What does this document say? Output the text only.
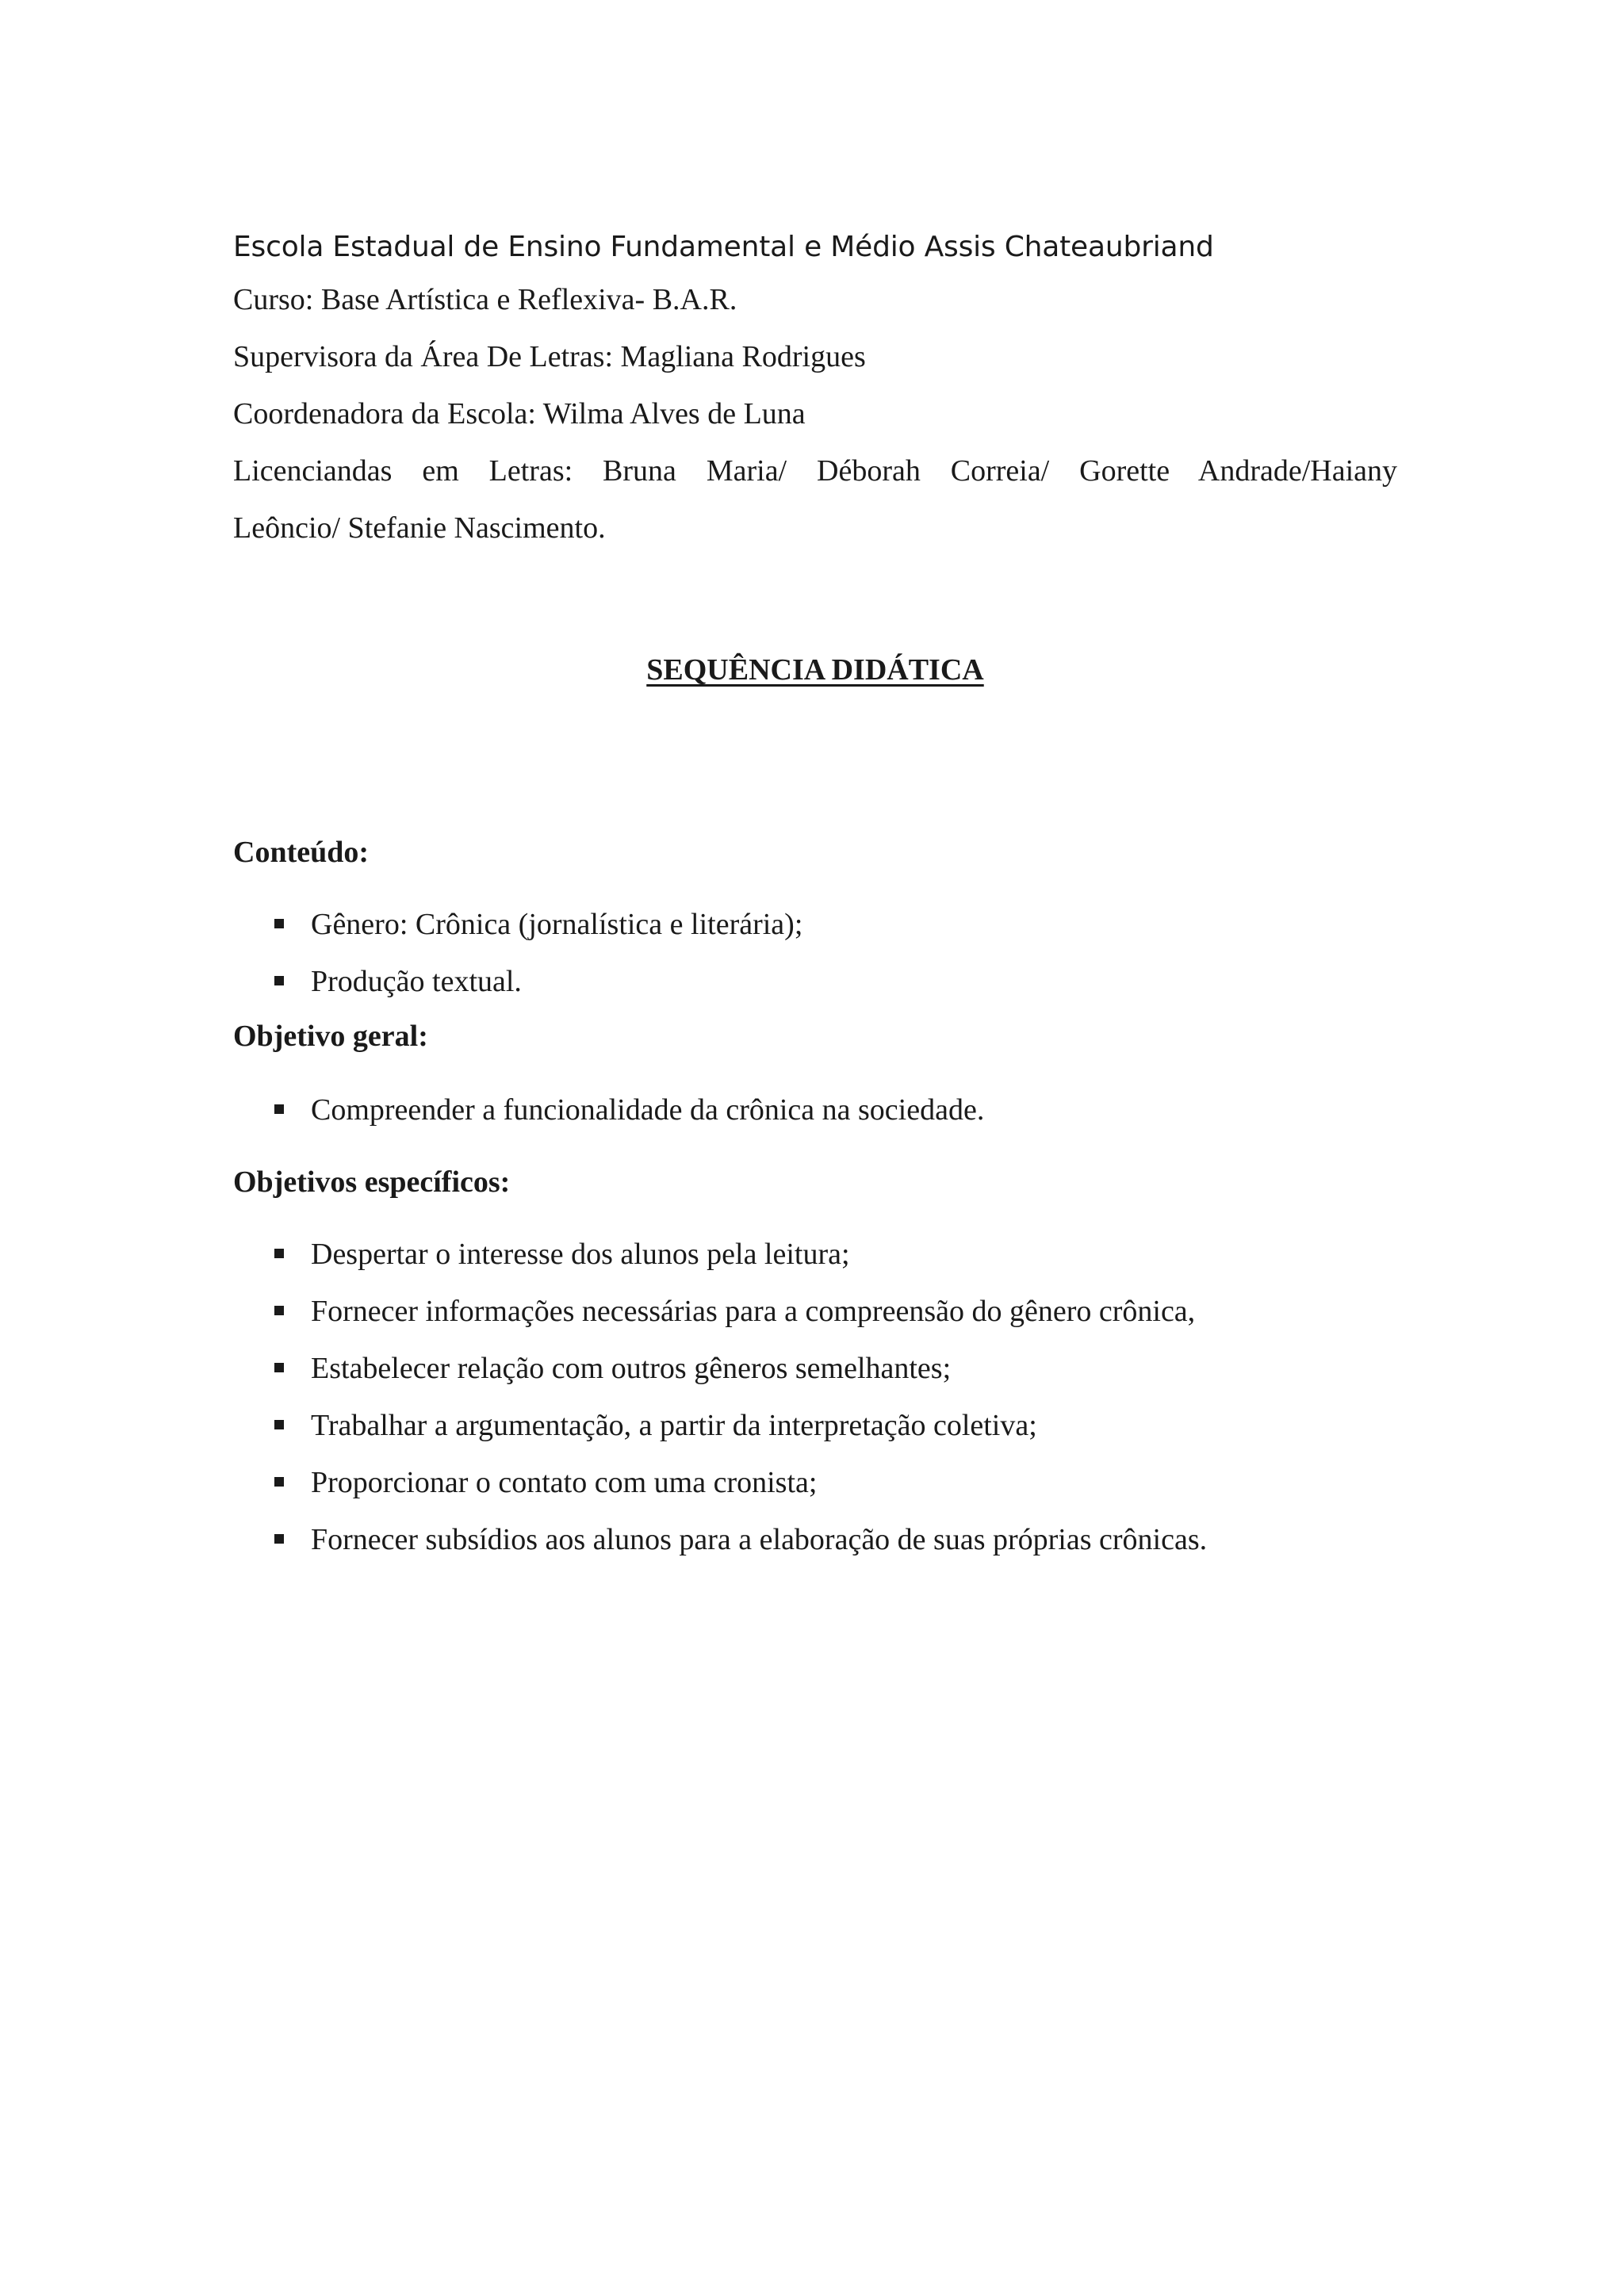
Escola Estadual de Ensino Fundamental e Médio Assis Chateaubriand
Curso: Base Artística e Reflexiva- B.A.R.
Supervisora da Área De Letras: Magliana Rodrigues
Coordenadora da Escola: Wilma Alves de Luna
Licenciandas em Letras: Bruna Maria/ Déborah Correia/ Gorette Andrade/Haiany
Leôncio/ Stefanie Nascimento.
SEQUÊNCIA DIDÁTICA
Conteúdo:
Gênero: Crônica (jornalística e literária);
Produção textual.
Objetivo geral:
Compreender a funcionalidade da crônica na sociedade.
Objetivos específicos:
Despertar o interesse dos alunos pela leitura;
Fornecer informações necessárias para a compreensão do gênero crônica,
Estabelecer relação com outros gêneros semelhantes;
Trabalhar a argumentação, a partir da interpretação coletiva;
Proporcionar o contato com uma cronista;
Fornecer subsídios aos alunos para a elaboração de suas próprias crônicas.
